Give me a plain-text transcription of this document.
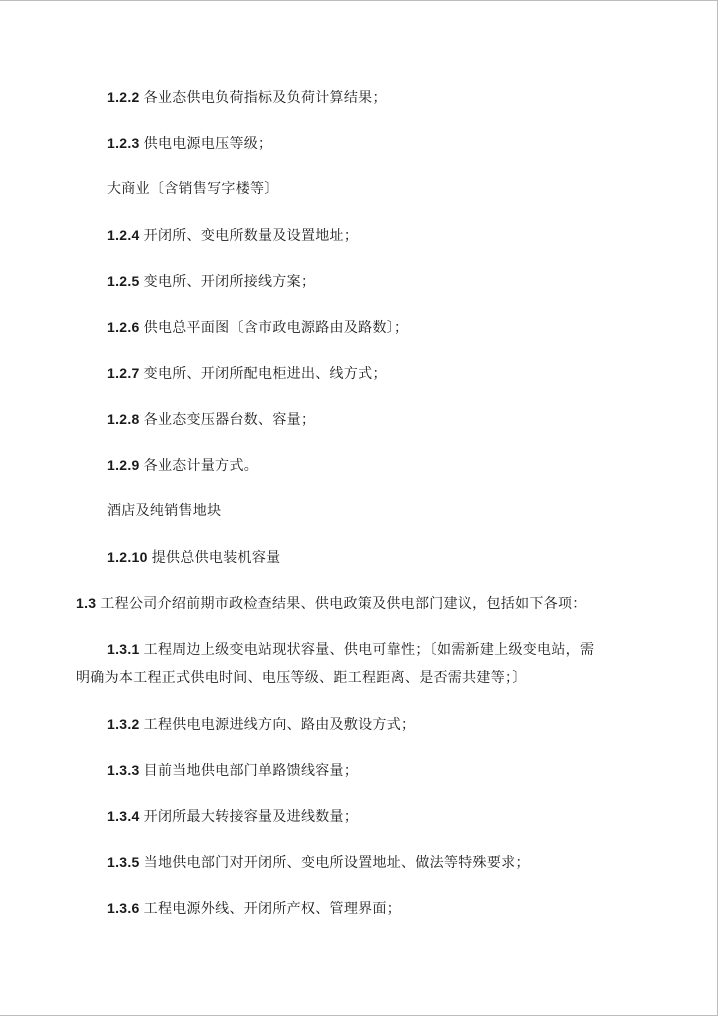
1.2.2 各业态供电负荷指标及负荷计算结果；
1.2.3 供电电源电压等级；
大商业〔含销售写字楼等〕
1.2.4 开闭所、变电所数量及设置地址；
1.2.5 变电所、开闭所接线方案；
1.2.6 供电总平面图〔含市政电源路由及路数〕；
1.2.7 变电所、开闭所配电柜进出、线方式；
1.2.8 各业态变压器台数、容量；
1.2.9 各业态计量方式。
酒店及纯销售地块
1.2.10 提供总供电装机容量
1.3 工程公司介绍前期市政检查结果、供电政策及供电部门建议，包括如下各项：
1.3.1 工程周边上级变电站现状容量、供电可靠性；〔如需新建上级变电站，需
明确为本工程正式供电时间、电压等级、距工程距离、是否需共建等；〕
1.3.2 工程供电电源进线方向、路由及敷设方式；
1.3.3 目前当地供电部门单路馈线容量；
1.3.4 开闭所最大转接容量及进线数量；
1.3.5 当地供电部门对开闭所、变电所设置地址、做法等特殊要求；
1.3.6 工程电源外线、开闭所产权、管理界面；
